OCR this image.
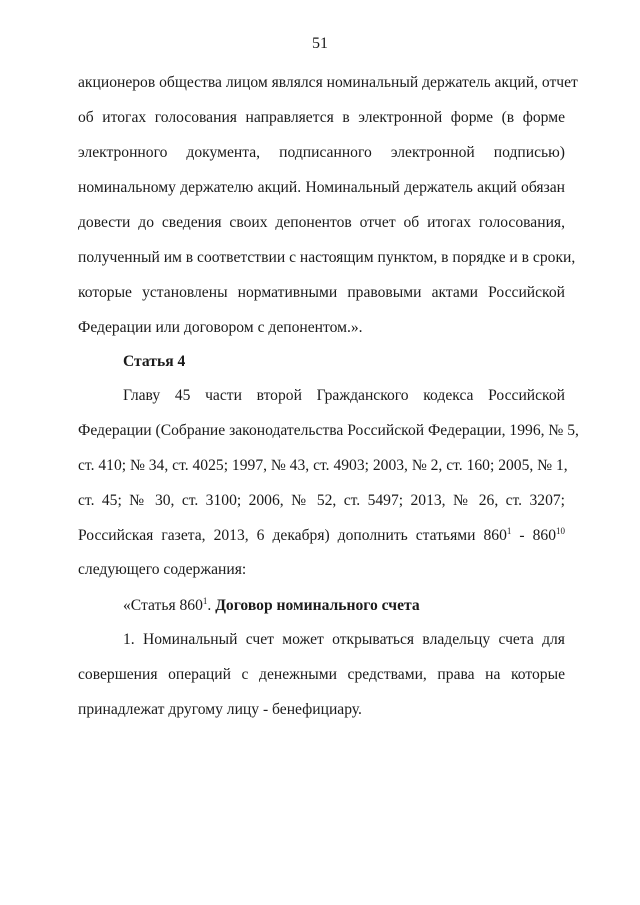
51
акционеров общества лицом являлся номинальный держатель акций, отчет
об итогах голосования направляется в электронной форме (в форме
электронного документа, подписанного электронной подписью)
номинальному держателю акций. Номинальный держатель акций обязан
довести до сведения своих депонентов отчет об итогах голосования,
полученный им в соответствии с настоящим пунктом, в порядке и в сроки,
которые установлены нормативными правовыми актами Российской
Федерации или договором с депонентом.».
Статья 4
Главу 45 части второй Гражданского кодекса Российской
Федерации (Собрание законодательства Российской Федерации, 1996, № 5,
ст. 410; № 34, ст. 4025; 1997, № 43, ст. 4903; 2003, № 2, ст. 160; 2005, № 1,
ст. 45; № 30, ст. 3100; 2006, № 52, ст. 5497; 2013, № 26, ст. 3207;
Российская газета, 2013, 6 декабря) дополнить статьями $860^1 - 860^{10}$
следующего содержания:
«Статья $860^1$. Договор номинального счета
1. Номинальный счет может открываться владельцу счета для
совершения операций с денежными средствами, права на которые
принадлежат другому лицу - бенефициару.
